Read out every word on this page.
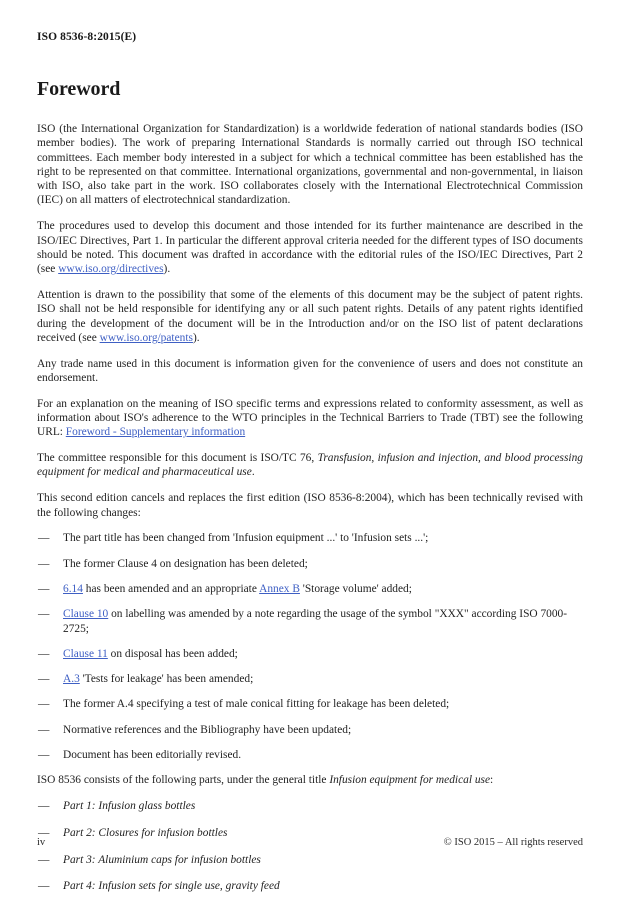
ISO 8536-8:2015(E)
Foreword

ISO (the International Organization for Standardization) is a worldwide federation of national standards bodies (ISO member bodies). The work of preparing International Standards is normally carried out through ISO technical committees. Each member body interested in a subject for which a technical committee has been established has the right to be represented on that committee. International organizations, governmental and non-governmental, in liaison with ISO, also take part in the work. ISO collaborates closely with the International Electrotechnical Commission (IEC) on all matters of electrotechnical standardization.

The procedures used to develop this document and those intended for its further maintenance are described in the ISO/IEC Directives, Part 1. In particular the different approval criteria needed for the different types of ISO documents should be noted. This document was drafted in accordance with the editorial rules of the ISO/IEC Directives, Part 2 (see www.iso.org/directives).

Attention is drawn to the possibility that some of the elements of this document may be the subject of patent rights. ISO shall not be held responsible for identifying any or all such patent rights. Details of any patent rights identified during the development of the document will be in the Introduction and/or on the ISO list of patent declarations received (see www.iso.org/patents).

Any trade name used in this document is information given for the convenience of users and does not constitute an endorsement.

For an explanation on the meaning of ISO specific terms and expressions related to conformity assessment, as well as information about ISO's adherence to the WTO principles in the Technical Barriers to Trade (TBT) see the following URL: Foreword - Supplementary information

The committee responsible for this document is ISO/TC 76, Transfusion, infusion and injection, and blood processing equipment for medical and pharmaceutical use.

This second edition cancels and replaces the first edition (ISO 8536-8:2004), which has been technically revised with the following changes:

—	The part title has been changed from 'Infusion equipment ...' to 'Infusion sets ...';
—	The former Clause 4 on designation has been deleted;
—	6.14 has been amended and an appropriate Annex B 'Storage volume' added;
—	Clause 10 on labelling was amended by a note regarding the usage of the symbol "XXX" according ISO 7000-2725;
—	Clause 11 on disposal has been added;
—	A.3 'Tests for leakage' has been amended;
—	The former A.4 specifying a test of male conical fitting for leakage has been deleted;
—	Normative references and the Bibliography have been updated;
—	Document has been editorially revised.

ISO 8536 consists of the following parts, under the general title Infusion equipment for medical use:

—	Part 1: Infusion glass bottles
—	Part 2: Closures for infusion bottles
—	Part 3: Aluminium caps for infusion bottles
—	Part 4: Infusion sets for single use, gravity feed
iv	© ISO 2015 – All rights reserved
